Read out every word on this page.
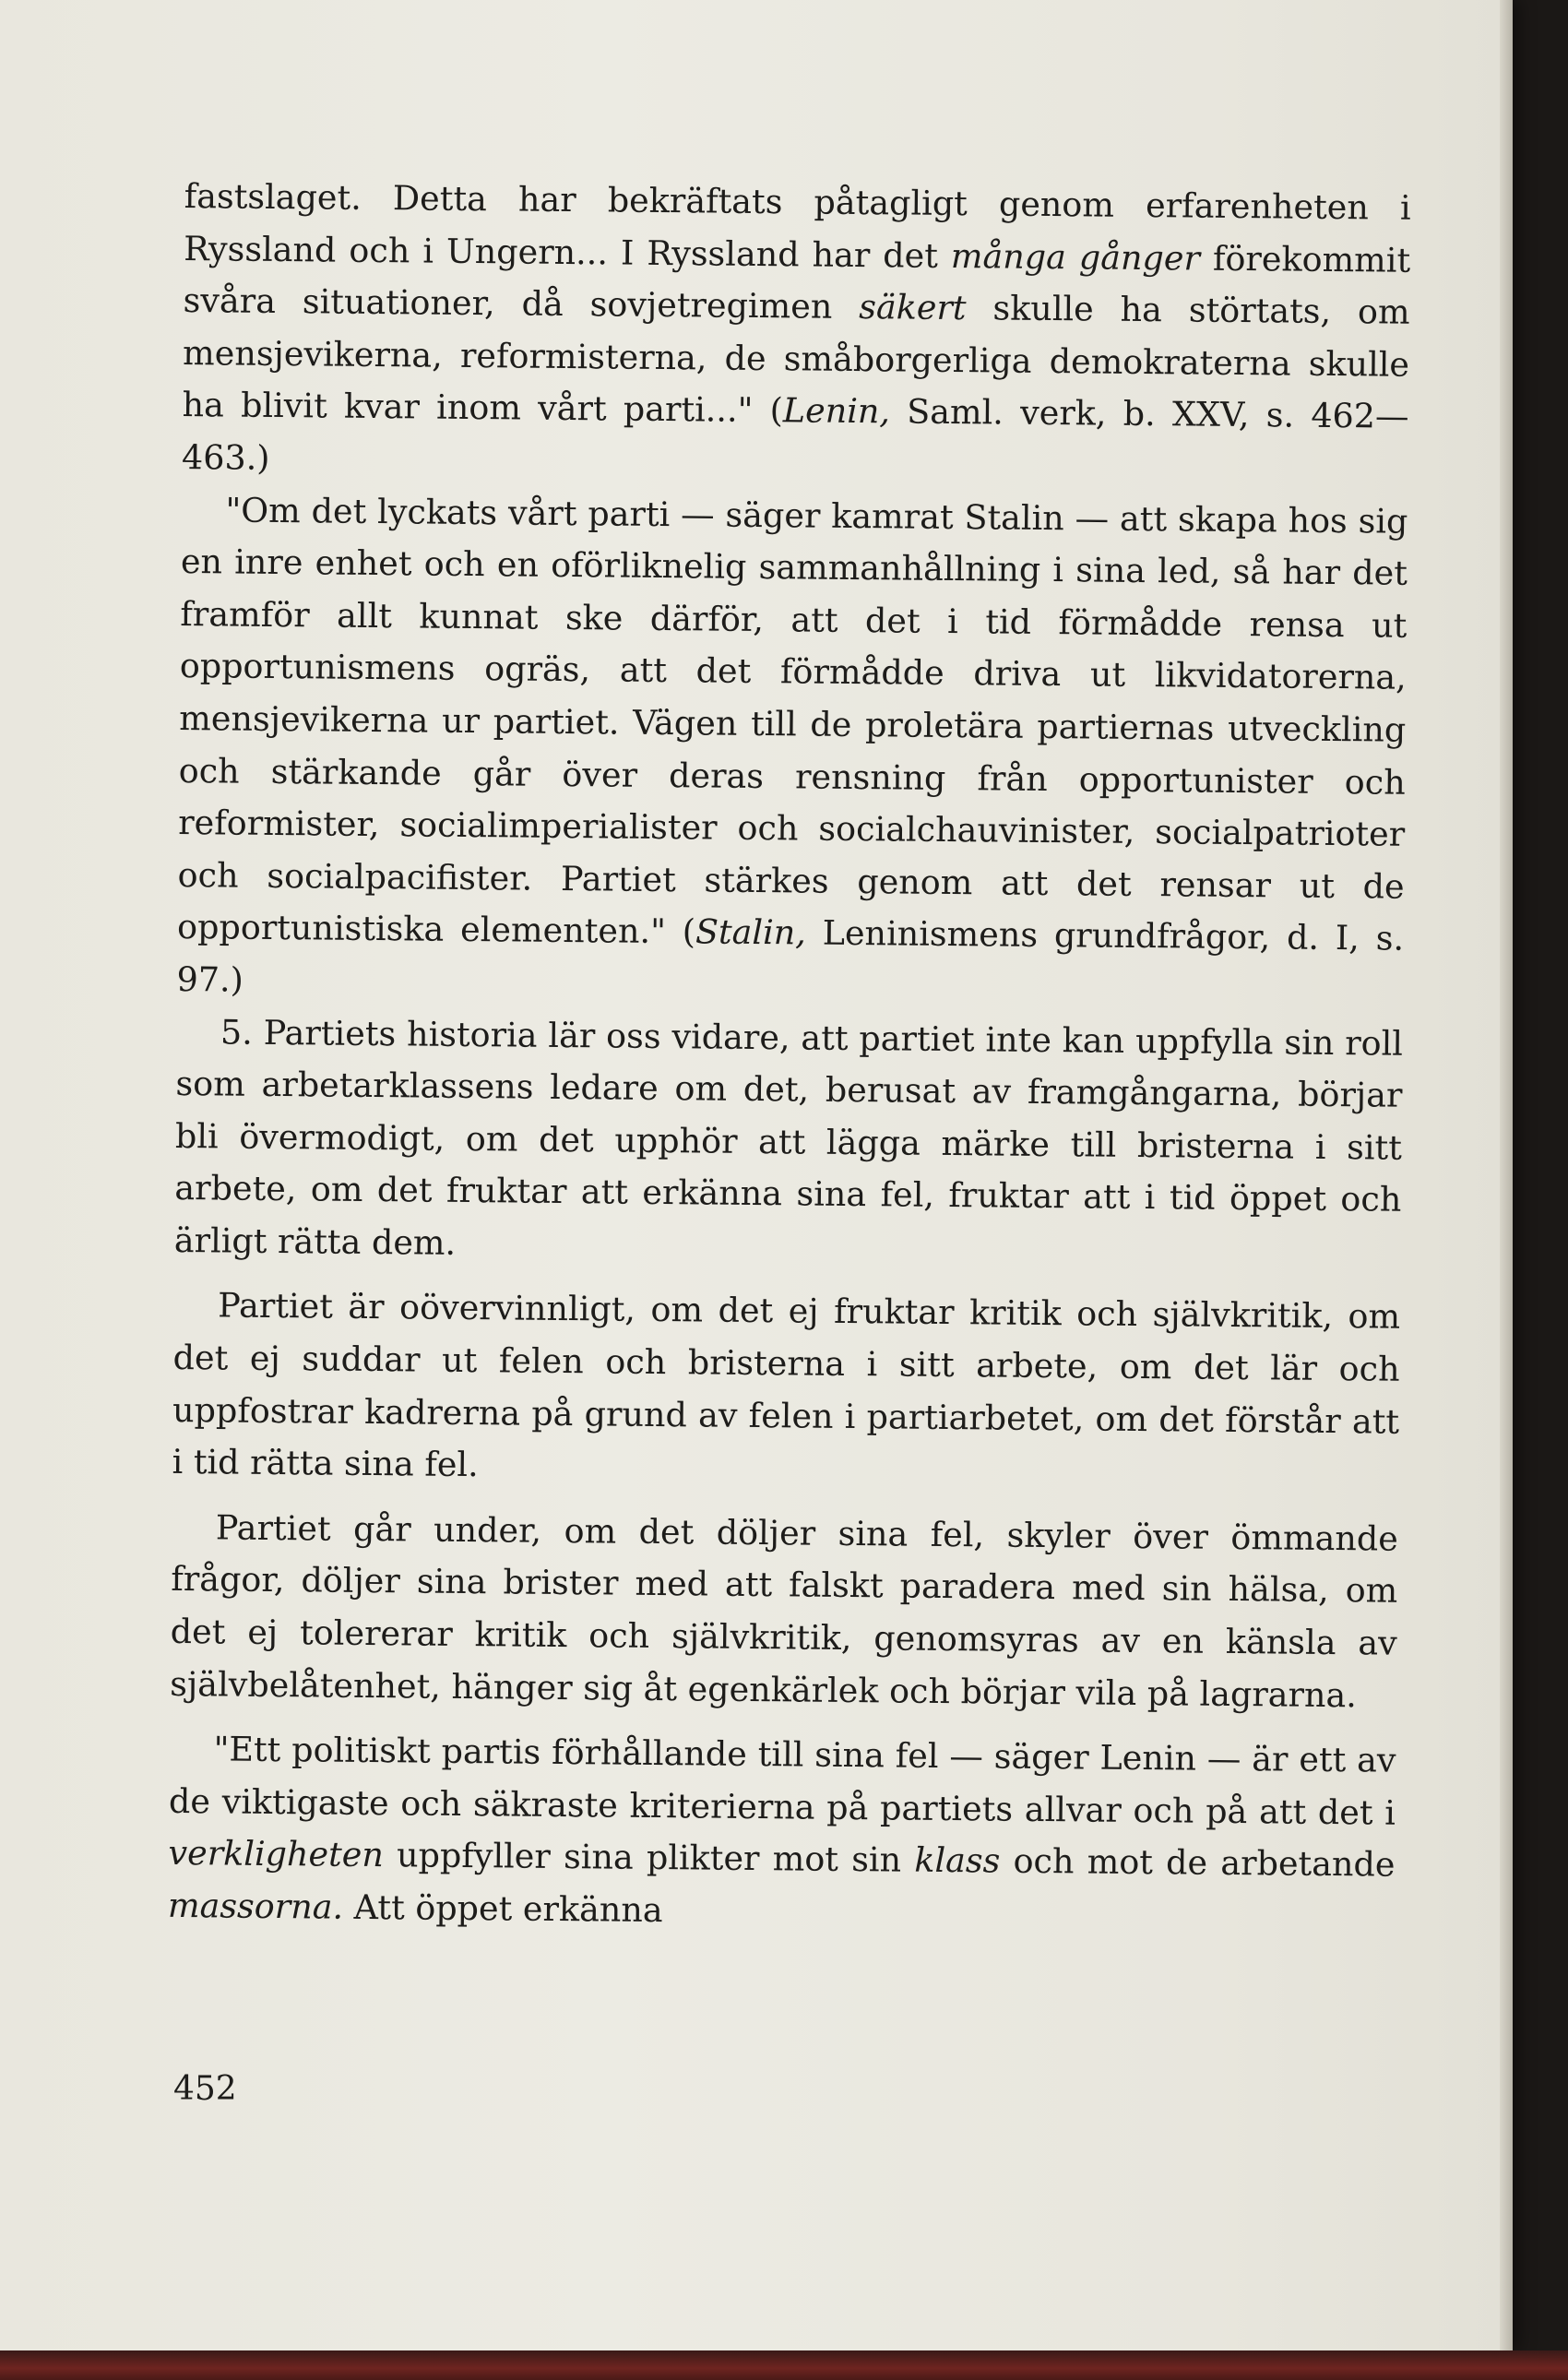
fastslaget. Detta har bekräftats påtagligt genom erfarenheten i Ryssland och i Ungern... I Ryssland har det många gånger förekommit svåra situationer, då sovjetregimen säkert skulle ha störtats, om mensjevikerna, reformisterna, de småborgerliga demokraterna skulle ha blivit kvar inom vårt parti..." (Lenin, Saml. verk, b. XXV, s. 462—463.)

"Om det lyckats vårt parti — säger kamrat Stalin — att skapa hos sig en inre enhet och en oförliknelig sammanhållning i sina led, så har det framför allt kunnat ske därför, att det i tid förmådde rensa ut opportunismens ogräs, att det förmådde driva ut likvidatorerna, mensjevikerna ur partiet. Vägen till de proletära partiernas utveckling och stärkande går över deras rensning från opportunister och reformister, socialimperialister och socialchauvinister, socialpatrioter och socialpacifister. Partiet stärkes genom att det rensar ut de opportunistiska elementen." (Stalin, Leninismens grundfrågor, d. I, s. 97.)

5. Partiets historia lär oss vidare, att partiet inte kan uppfylla sin roll som arbetarklassens ledare om det, berusat av framgångarna, börjar bli övermodigt, om det upphör att lägga märke till bristerna i sitt arbete, om det fruktar att erkänna sina fel, fruktar att i tid öppet och ärligt rätta dem.

Partiet är oövervinnligt, om det ej fruktar kritik och självkritik, om det ej suddar ut felen och bristerna i sitt arbete, om det lär och uppfostrar kadrerna på grund av felen i partiarbetet, om det förstår att i tid rätta sina fel.

Partiet går under, om det döljer sina fel, skyler över ömmande frågor, döljer sina brister med att falskt paradera med sin hälsa, om det ej tolererar kritik och självkritik, genomsyras av en känsla av självbelåtenhet, hänger sig åt egenkärlek och börjar vila på lagrarna.

"Ett politiskt partis förhållande till sina fel — säger Lenin — är ett av de viktigaste och säkraste kriterierna på partiets allvar och på att det i verkligheten uppfyller sina plikter mot sin klass och mot de arbetande massorna. Att öppet erkänna

452
